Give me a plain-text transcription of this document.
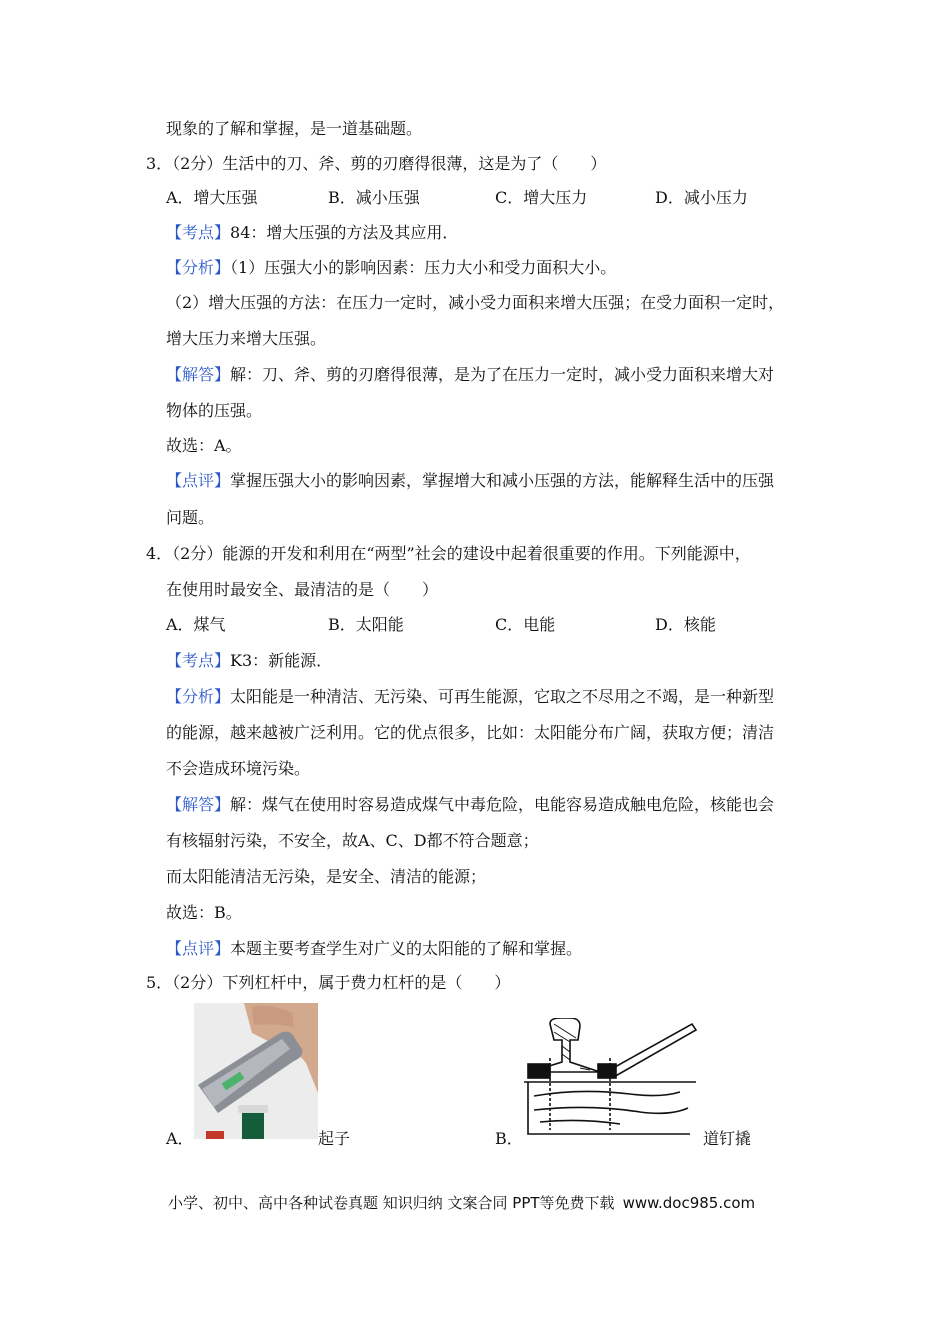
现象的了解和掌握，是一道基础题。
3．（2分）生活中的刀、斧、剪的刃磨得很薄，这是为了（　　）
A．增大压强	B．减小压强	C．增大压力	D．减小压力
【考点】84：增大压强的方法及其应用．
【分析】（1）压强大小的影响因素：压力大小和受力面积大小。
（2）增大压强的方法：在压力一定时，减小受力面积来增大压强；在受力面积一定时，
增大压力来增大压强。
【解答】解：刀、斧、剪的刃磨得很薄，是为了在压力一定时，减小受力面积来增大对
物体的压强。
故选：A。
【点评】掌握压强大小的影响因素，掌握增大和减小压强的方法，能解释生活中的压强
问题。
4．（2分）能源的开发和利用在“两型”社会的建设中起着很重要的作用。下列能源中，
在使用时最安全、最清洁的是（　　）
A．煤气	B．太阳能	C．电能	D．核能
【考点】K3：新能源．
【分析】太阳能是一种清洁、无污染、可再生能源，它取之不尽用之不竭，是一种新型
的能源，越来越被广泛利用。它的优点很多，比如：太阳能分布广阔，获取方便；清洁
不会造成环境污染。
【解答】解：煤气在使用时容易造成煤气中毒危险，电能容易造成触电危险，核能也会
有核辐射污染，不安全，故A、C、D都不符合题意；
而太阳能清洁无污染，是安全、清洁的能源；
故选：B。
【点评】本题主要考查学生对广义的太阳能的了解和掌握。
5．（2分）下列杠杆中，属于费力杠杆的是（　　）
A．	起子	B．	道钉撬
小学、初中、高中各种试卷真题 知识归纳 文案合同 PPT等免费下载 www.doc985.com
